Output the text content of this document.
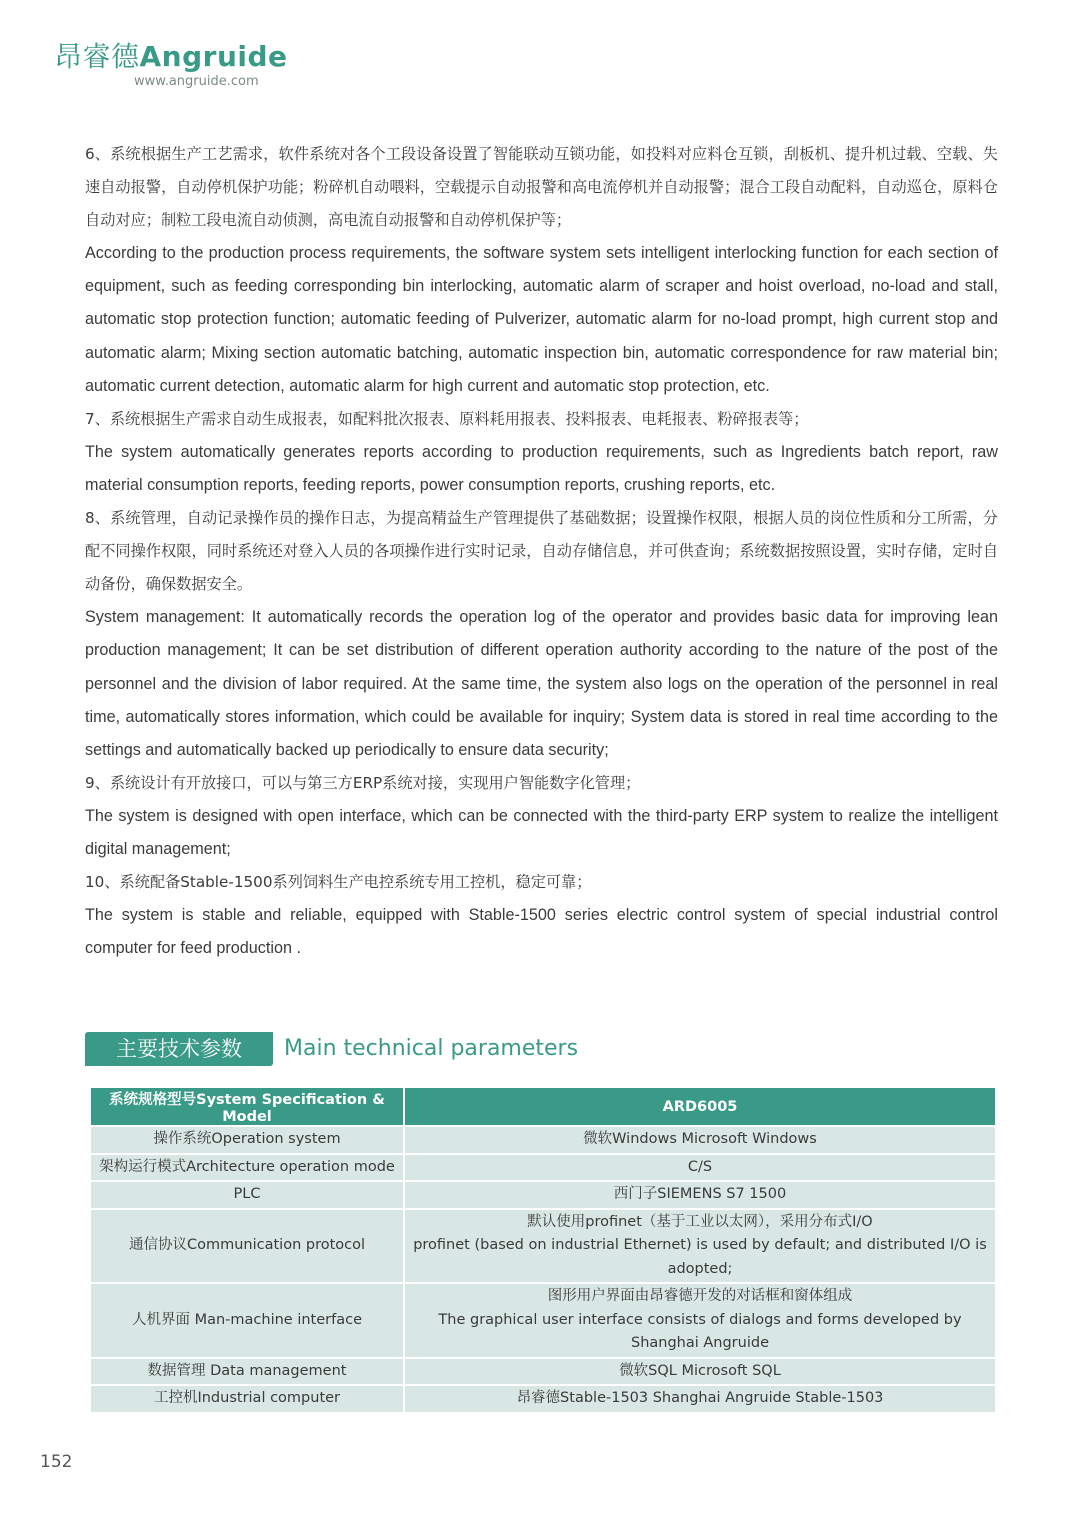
昂睿德Angruide
www.angruide.com

6、系统根据生产工艺需求，软件系统对各个工段设备设置了智能联动互锁功能，如投料对应料仓互锁，刮板机、提升机过载、空载、失速自动报警，自动停机保护功能；粉碎机自动喂料，空载提示自动报警和高电流停机并自动报警；混合工段自动配料，自动巡仓，原料仓自动对应；制粒工段电流自动侦测，高电流自动报警和自动停机保护等；

According to the production process requirements, the software system sets intelligent interlocking function for each section of equipment, such as feeding corresponding bin interlocking, automatic alarm of scraper and hoist overload, no-load and stall, automatic stop protection function; automatic feeding of Pulverizer, automatic alarm for no-load prompt, high current stop and automatic alarm; Mixing section automatic batching, automatic inspection bin, automatic correspondence for raw material bin; automatic current detection, automatic alarm for high current and automatic stop protection, etc.

7、系统根据生产需求自动生成报表，如配料批次报表、原料耗用报表、投料报表、电耗报表、粉碎报表等；

The system automatically generates reports according to production requirements, such as Ingredients batch report, raw material consumption reports, feeding reports, power consumption reports, crushing reports, etc.

8、系统管理，自动记录操作员的操作日志，为提高精益生产管理提供了基础数据；设置操作权限，根据人员的岗位性质和分工所需，分配不同操作权限，同时系统还对登入人员的各项操作进行实时记录，自动存储信息，并可供查询；系统数据按照设置，实时存储，定时自动备份，确保数据安全。

System management: It automatically records the operation log of the operator and provides basic data for improving lean production management; It can be set distribution of different operation authority according to the nature of the post of the personnel and the division of labor required. At the same time, the system also logs on the operation of the personnel in real time, automatically stores information, which could be available for inquiry; System data is stored in real time according to the settings and automatically backed up periodically to ensure data security;

9、系统设计有开放接口，可以与第三方ERP系统对接，实现用户智能数字化管理；

The system is designed with open interface, which can be connected with the third-party ERP system to realize the intelligent digital management;

10、系统配备Stable-1500系列饲料生产电控系统专用工控机，稳定可靠；

The system is stable and reliable, equipped with Stable-1500 series electric control system of special industrial control computer for feed production .

主要技术参数	Main technical parameters
系统规格型号System Specification & Model	ARD6005
操作系统Operation system	微软Windows Microsoft Windows

架构运行模式Architecture operation mode	C/S

PLC	西门子SIEMENS S7 1500

通信协议Communication protocol	默认使用profinet（基于工业以太网），采用分布式I/O
profinet (based on industrial Ethernet) is used by default; and distributed I/O is adopted;

人机界面 Man-machine interface	图形用户界面由昂睿德开发的对话框和窗体组成
The graphical user interface consists of dialogs and forms developed by Shanghai Angruide

数据管理 Data management	微软SQL Microsoft SQL

工控机Industrial computer	昂睿德Stable-1503 Shanghai Angruide Stable-1503
152
